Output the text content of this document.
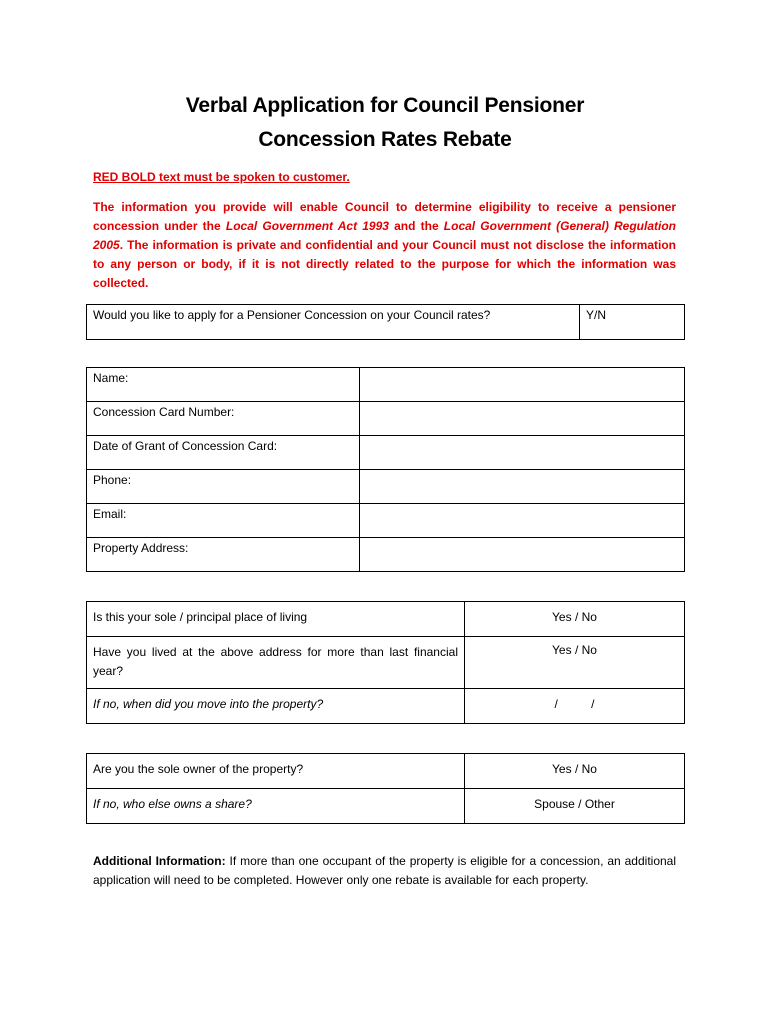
Verbal Application for Council Pensioner
Concession Rates Rebate
RED BOLD text must be spoken to customer.
The information you provide will enable Council to determine eligibility to receive a pensioner concession under the Local Government Act 1993 and the Local Government (General) Regulation 2005. The information is private and confidential and your Council must not disclose the information to any person or body, if it is not directly related to the purpose for which the information was collected.
Would you like to apply for a Pensioner Concession on your Council rates?	Y/N
Name:	
Concession Card Number:	
Date of Grant of Concession Card:	
Phone:	
Email:	
Property Address:	
Is this your sole / principal place of living	Yes / No
Have you lived at the above address for more than last financial year?	Yes / No
If no, when did you move into the property?	/          /
Are you the sole owner of the property?	Yes / No
If no, who else owns a share?	Spouse / Other
Additional Information: If more than one occupant of the property is eligible for a concession, an additional application will need to be completed. However only one rebate is available for each property.
